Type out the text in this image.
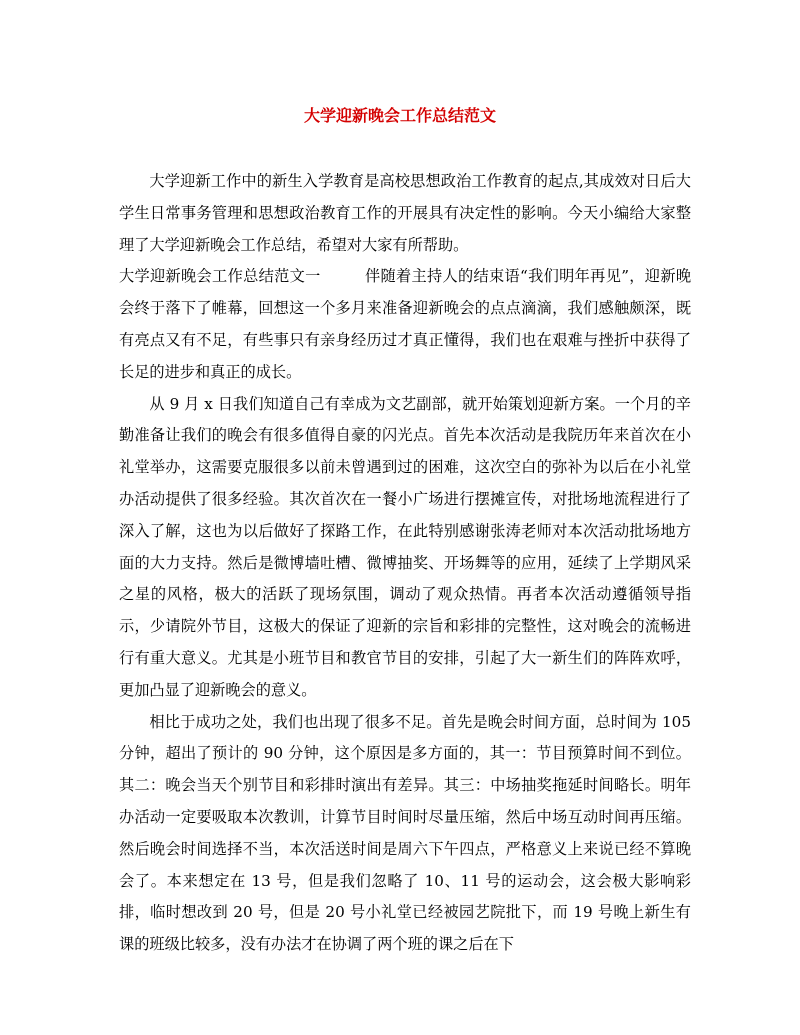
大学迎新晚会工作总结范文

大学迎新工作中的新生入学教育是高校思想政治工作教育的起点,其成效对日后大学生日常事务管理和思想政治教育工作的开展具有决定性的影响。今天小编给大家整理了大学迎新晚会工作总结，希望对大家有所帮助。

大学迎新晚会工作总结范文一	伴随着主持人的结束语“我们明年再见”，迎新晚会终于落下了帷幕，回想这一个多月来准备迎新晚会的点点滴滴，我们感触颇深，既有亮点又有不足，有些事只有亲身经历过才真正懂得，我们也在艰难与挫折中获得了长足的进步和真正的成长。

从 9 月 x 日我们知道自己有幸成为文艺副部，就开始策划迎新方案。一个月的辛勤准备让我们的晚会有很多值得自豪的闪光点。首先本次活动是我院历年来首次在小礼堂举办，这需要克服很多以前未曾遇到过的困难，这次空白的弥补为以后在小礼堂办活动提供了很多经验。其次首次在一餐小广场进行摆摊宣传，对批场地流程进行了深入了解，这也为以后做好了探路工作，在此特别感谢张涛老师对本次活动批场地方面的大力支持。然后是微博墙吐槽、微博抽奖、开场舞等的应用，延续了上学期风采之星的风格，极大的活跃了现场氛围，调动了观众热情。再者本次活动遵循领导指示，少请院外节目，这极大的保证了迎新的宗旨和彩排的完整性，这对晚会的流畅进行有重大意义。尤其是小班节目和教官节目的安排，引起了大一新生们的阵阵欢呼，更加凸显了迎新晚会的意义。

相比于成功之处，我们也出现了很多不足。首先是晚会时间方面，总时间为 105 分钟，超出了预计的 90 分钟，这个原因是多方面的，其一：节目预算时间不到位。其二：晚会当天个别节目和彩排时演出有差异。其三：中场抽奖拖延时间略长。明年办活动一定要吸取本次教训，计算节目时间时尽量压缩，然后中场互动时间再压缩。然后晚会时间选择不当，本次活送时间是周六下午四点，严格意义上来说已经不算晚会了。本来想定在 13 号，但是我们忽略了 10、11 号的运动会，这会极大影响彩排，临时想改到 20 号，但是 20 号小礼堂已经被园艺院批下，而 19 号晚上新生有课的班级比较多，没有办法才在协调了两个班的课之后在下
